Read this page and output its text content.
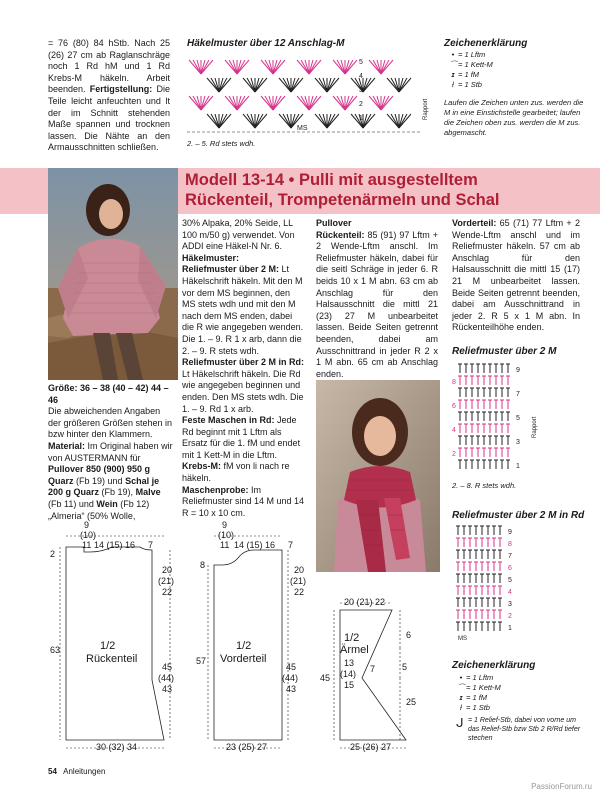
= 76 (80) 84 hStb. Nach 25 (26) 27 cm ab Raglanschräge noch 1 Rd hM und 1 Rd Krebs-M häkeln. Arbeit beenden. Fertigstellung: Die Teile leicht anfeuchten und lt der im Schnitt stehenden Maße spannen und trocknen lassen. Die Nähte an den Armausschnitten schließen.
Häkelmuster über 12 Anschlag-M
MS
5
4
3
2
1	Rapport
2. – 5. Rd stets wdh.
Zeichenerklärung
• = 1 Lftm
⌒= 1 Kett-M
ɪ = 1 fM
ƚ = 1 Stb
Laufen die Zeichen unten zus. werden die M in eine Einstichstelle gearbeitet; laufen die Zeichen oben zus. werden die M zus. abgemascht.
Modell 13-14 • Pulli mit ausgestelltem
Rückenteil, Trompetenärmeln und Schal
Größe: 36 – 38 (40 – 42) 44 – 46
Die abweichenden Angaben der größeren Größen stehen in bzw hinter den Klammern.
Material: Im Original haben wir von AUSTERMANN für Pullover 850 (900) 950 g Quarz (Fb 19) und Schal je 200 g Quarz (Fb 19), Malve (Fb 11) und Wein (Fb 12) „Almeria“ (50% Wolle,
30% Alpaka, 20% Seide, LL 100 m/50 g) verwendet. Von ADDI eine Häkel-N Nr. 6.
Häkelmuster:
Reliefmuster über 2 M: Lt Häkelschrift häkeln. Mit den M vor dem MS beginnen, den MS stets wdh und mit den M nach dem MS enden, dabei die R wie angegeben wenden. Die 1. – 9. R 1 x arb, dann die 2. – 9. R stets wdh.
Reliefmuster über 2 M in Rd: Lt Häkelschrift häkeln. Die Rd wie angegeben beginnen und enden. Den MS stets wdh. Die 1. – 9. Rd 1 x arb.
Feste Maschen in Rd: Jede Rd beginnt mit 1 Lftm als Ersatz für die 1. fM und endet mit 1 Kett-M in die Lftm.
Krebs-M: fM von li nach re häkeln.
Maschenprobe: Im Reliefmuster sind 14 M und 14 R = 10 x 10 cm.
Pullover
Rückenteil: 85 (91) 97 Lftm + 2 Wende-Lftm anschl. Im Reliefmuster häkeln, dabei für die seitl Schräge in jeder 6. R beids 10 x 1 M abn. 63 cm ab Anschlag für den Halsausschnitt die mittl 21 (23) 27 M unbearbeitet lassen. Beide Seiten getrennt beenden, dabei am Ausschnittrand in jeder R 2 x 1 M abn. 65 cm ab Anschlag enden.
Vorderteil: 65 (71) 77 Lftm + 2 Wende-Lftm anschl und im Reliefmuster häkeln. 57 cm ab Anschlag für den Halsausschnitt die mittl 15 (17) 21 M unbearbeitet lassen. Beide Seiten getrennt beenden, dabei am Ausschnittrand in jeder 2. R 5 x 1 M abn. In Rückenteilhöhe enden.
Reliefmuster über 2 M
9
8
7
6
5
4
3
2
1
Rapport
2. – 8. R stets wdh.
Reliefmuster über 2 M in Rd
9
8
7
6
5
4
3
2
1
MS
Zeichenerklärung
• = 1 Lftm
⌒= 1 Kett-M
ɪ = 1 fM
ƚ = 1 Stb
ᒍ = 1 Relief-Stb, dabei von vorne um das Relief-Stb bzw Stb 2 R/Rd tiefer stechen
9
(10)
11 14 (15) 16 7
2
63
20
(21)
22
45
(44)
43
1/2
Rückenteil
30 (32) 34
9
(10)
11 14 (15) 16 7
8
57
20
(21)
22
45
(44)
43
1/2
Vorderteil
23 (25) 27
20 (21) 22
6
5
25
45
1/2
Ärmel
13
(14)
15
7
25 (26) 27
54 Anleitungen
PassionForum.ru
